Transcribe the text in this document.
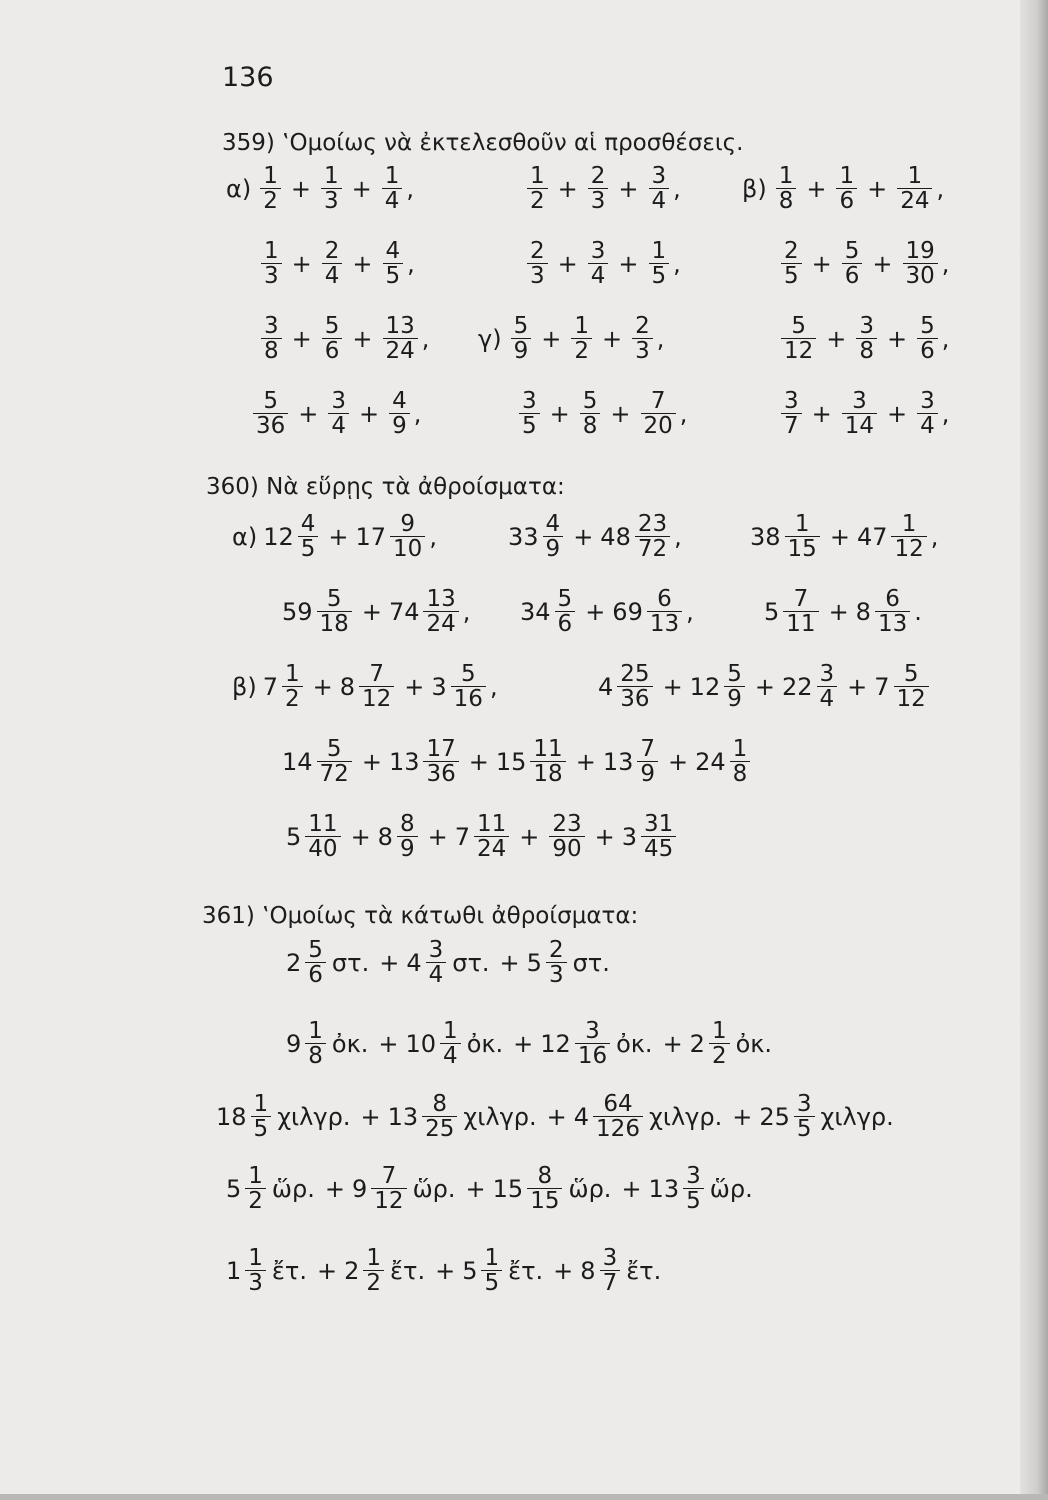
136
359) ‛Ομοίως νὰ ἐκτελεσθοῦν αἱ προσθέσεις.
360) Νὰ εὕρῃς τὰ ἀθροίσματα:
361) ‛Ομοίως τὰ κάτωθι ἀθροίσματα:
$\alpha) \frac{1}{2} + \frac{1}{3} + \frac{1}{4}$ ,	$\frac{1}{2} + \frac{2}{3} + \frac{3}{4}$ ,	$\beta) \frac{1}{8} + \frac{1}{6} + \frac{1}{24}$ ,
$\frac{1}{3} + \frac{2}{4} + \frac{4}{5}$ ,	$\frac{2}{3} + \frac{3}{4} + \frac{1}{5}$ ,	$\frac{2}{5} + \frac{5}{6} + \frac{19}{30}$ ,
$\frac{3}{8} + \frac{5}{6} + \frac{13}{24}$ , $\gamma) \frac{5}{9} + \frac{1}{2} + \frac{2}{3}$ ,	$\frac{5}{12} + \frac{3}{8} + \frac{5}{6}$ ,
$\frac{5}{36} + \frac{3}{4} + \frac{4}{9}$ ,	$\frac{3}{5} + \frac{5}{8} + \frac{7}{20}$ ,	$\frac{3}{7} + \frac{3}{14} + \frac{3}{4}$ ,
α) $12 \frac{4}{5} + 17 \frac{9}{10}$ ,	$33 \frac{4}{9} + 48 \frac{23}{72}$ ,	$38 \frac{1}{15} + 47 \frac{1}{12}$ ,
$59 \frac{5}{18} + 74 \frac{13}{24}$ , $34 \frac{5}{6} + 69 \frac{6}{13}$ ,	$5 \frac{7}{11} + 8 \frac{6}{13}$ .
β) $7 \frac{1}{2} + 8 \frac{7}{12} + 3 \frac{5}{16}$ ,	$4 \frac{25}{36} + 12 \frac{5}{9} + 22 \frac{3}{4} + 7 \frac{5}{12}$
$14 \frac{5}{72} + 13 \frac{17}{36} + 15 \frac{11}{18} + 13 \frac{7}{9} + 24 \frac{1}{8}$
$5 \frac{11}{40} + 8 \frac{8}{9} + 7 \frac{11}{24} + \frac{23}{90} + 3 \frac{31}{45}$
$2 \frac{5}{6} \sigma\tau$. + $4 \frac{3}{4} \sigma\tau$. + $5 \frac{2}{3} \sigma\tau$.
$9 \frac{1}{8}$ ὀκ. + $10 \frac{1}{4}$ ὀκ. + $12 \frac{3}{16}$ ὀκ. + $2 \frac{1}{2}$ ὀκ.
$18 \frac{1}{5} \chi\iota\lambda\gamma\rho$. + $13 \frac{8}{25} \chi\iota\lambda\gamma\rho$. + $4 \frac{64}{126} \chi\iota\lambda\gamma\rho$. + $25 \frac{3}{5} \chi\iota\lambda\gamma\rho$.
$5 \frac{1}{2}$ ὥρ. + $9 \frac{7}{12}$ ὥρ. + $15 \frac{8}{15}$ ὥρ. + $13 \frac{3}{5}$ ὥρ.
$1 \frac{1}{3}$ ἔτ. + $2 \frac{1}{2}$ ἔτ. + $5 \frac{1}{5}$ ἔτ. + $8 \frac{3}{7}$ ἔτ.
